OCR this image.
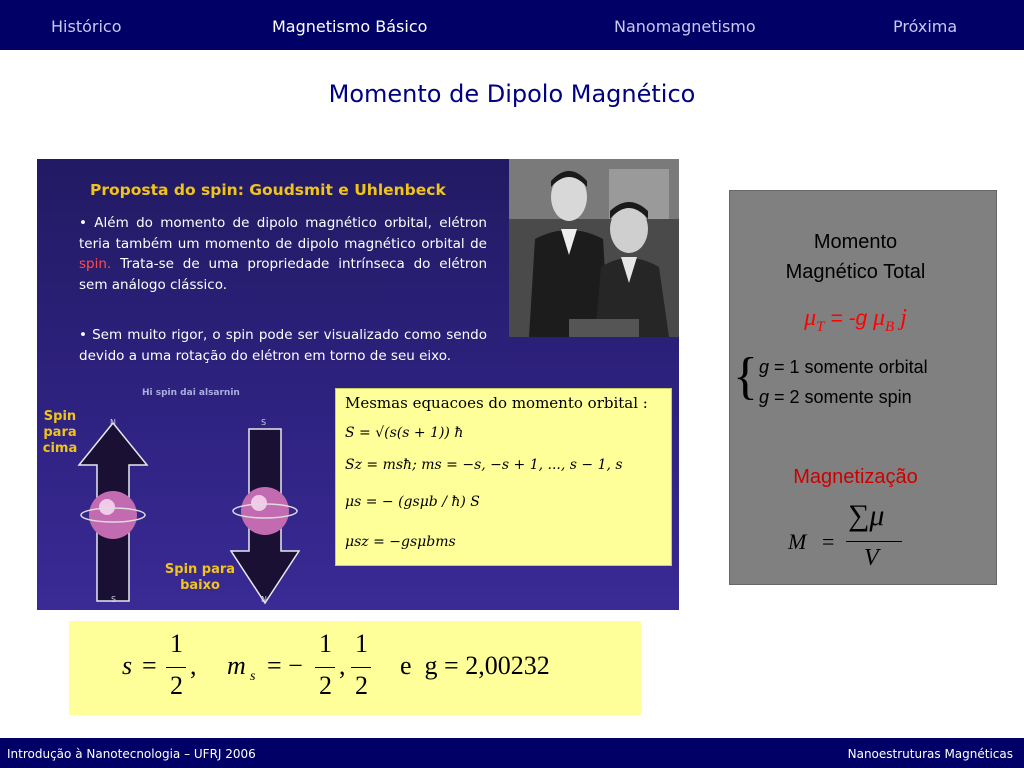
Histórico	Magnetismo Básico	Nanomagnetismo	Próxima
Momento de Dipolo Magnético
Proposta do spin: Goudsmit e Uhlenbeck
• Além do momento de dipolo magnético orbital, elétron teria também um momento de dipolo magnético orbital de spin. Trata-se de uma propriedade intrínseca do elétron sem análogo clássico.
• Sem muito rigor, o spin pode ser visualizado como sendo devido a uma rotação do elétron em torno de seu eixo.
Hi spin dai alsarnin
Spin para
cima
N
S
S
N
Spin para
baixo
Mesmas equacoes do momento orbital :
S = √(s(s + 1)) ħ
Sz = msħ; ms = −s, −s + 1, ..., s − 1, s
μs = − (gsμb / ħ) S
μsz = −gsμbms
Momento
Magnético Total
$\mu_T = -g$ $\mu_B$ j
{ g = 1 somente orbital
g = 2 somente spin
Magnetização
M =
∑μ
V
s =
1
2
, m s = −
1
2
,
1
2
e  g = 2,00232
Introdução à Nanotecnologia – UFRJ 2006	Nanoestruturas Magnéticas
